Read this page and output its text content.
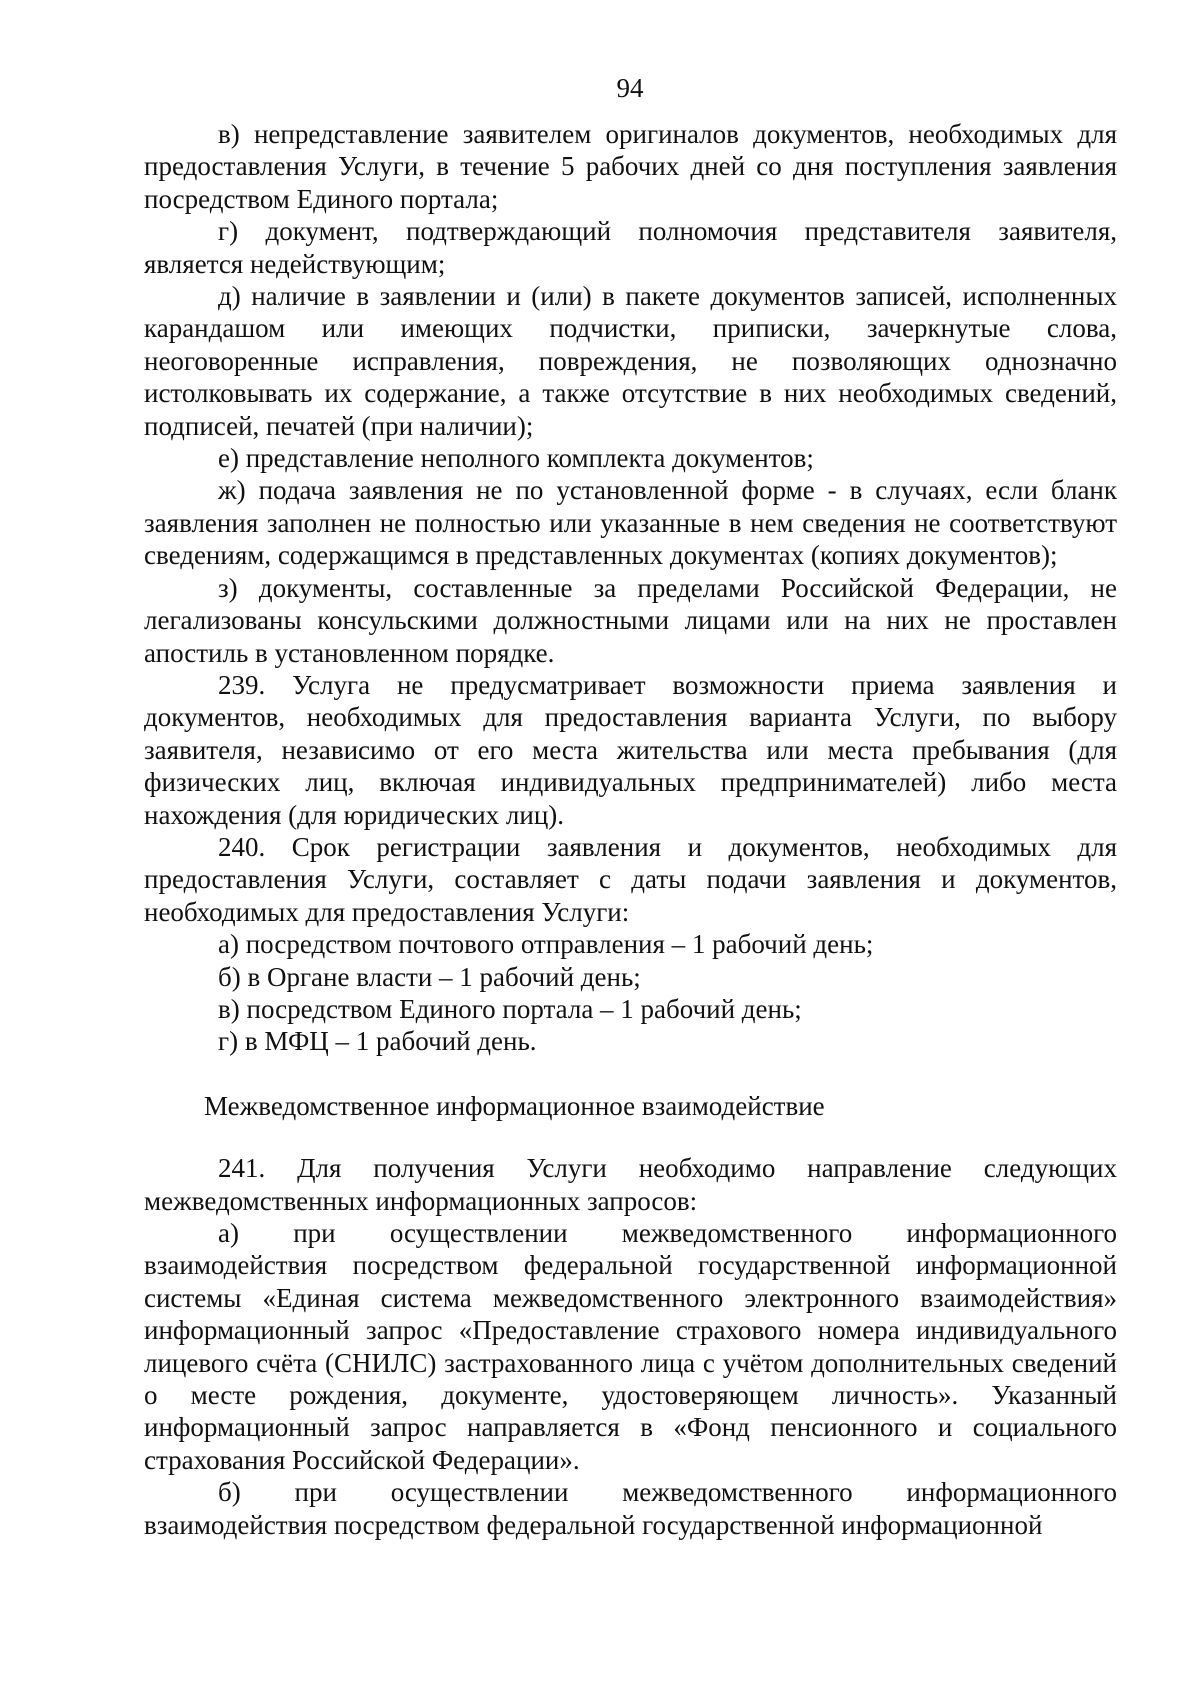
94

в) непредставление заявителем оригиналов документов, необходимых для предоставления Услуги, в течение 5 рабочих дней со дня поступления заявления посредством Единого портала;

г) документ, подтверждающий полномочия представителя заявителя, является недействующим;

д) наличие в заявлении и (или) в пакете документов записей, исполненных карандашом или имеющих подчистки, приписки, зачеркнутые слова, неоговоренные исправления, повреждения, не позволяющих однозначно истолковывать их содержание, а также отсутствие в них необходимых сведений, подписей, печатей (при наличии);

е) представление неполного комплекта документов;

ж) подача заявления не по установленной форме - в случаях, если бланк заявления заполнен не полностью или указанные в нем сведения не соответствуют сведениям, содержащимся в представленных документах (копиях документов);

з) документы, составленные за пределами Российской Федерации, не легализованы консульскими должностными лицами или на них не проставлен апостиль в установленном порядке.

239. Услуга не предусматривает возможности приема заявления и документов, необходимых для предоставления варианта Услуги, по выбору заявителя, независимо от его места жительства или места пребывания (для физических лиц, включая индивидуальных предпринимателей) либо места нахождения (для юридических лиц).

240. Срок регистрации заявления и документов, необходимых для предоставления Услуги, составляет с даты подачи заявления и документов, необходимых для предоставления Услуги:

а) посредством почтового отправления – 1 рабочий день;

б) в Органе власти – 1 рабочий день;

в) посредством Единого портала – 1 рабочий день;

г) в МФЦ – 1 рабочий день.

Межведомственное информационное взаимодействие

241. Для получения Услуги необходимо направление следующих межведомственных информационных запросов:

а) при осуществлении межведомственного информационного взаимодействия посредством федеральной государственной информационной системы «Единая система межведомственного электронного взаимодействия» информационный запрос «Предоставление страхового номера индивидуального лицевого счёта (СНИЛС) застрахованного лица с учётом дополнительных сведений о месте рождения, документе, удостоверяющем личность». Указанный информационный запрос направляется в «Фонд пенсионного и социального страхования Российской Федерации».

б) при осуществлении межведомственного информационного взаимодействия посредством федеральной государственной информационной
